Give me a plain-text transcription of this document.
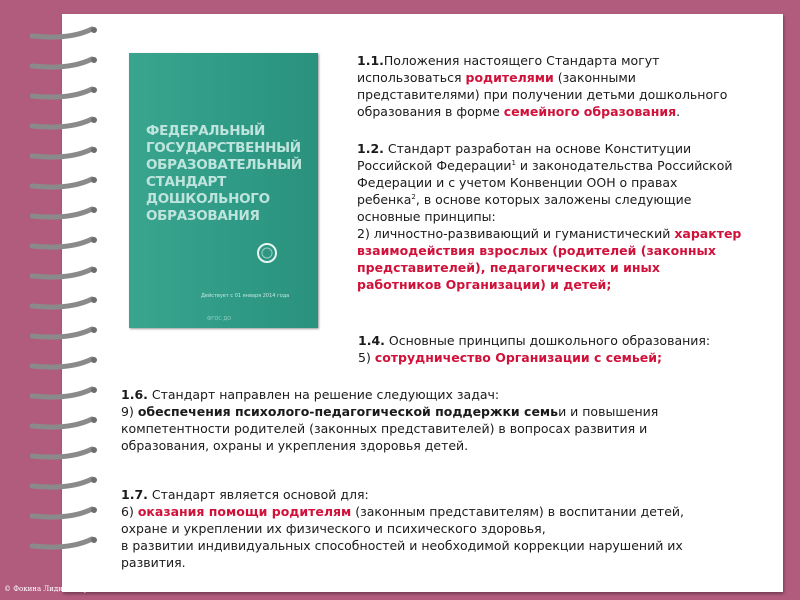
ФЕДЕРАЛЬНЫЙ
ГОСУДАРСТВЕННЫЙ
ОБРАЗОВАТЕЛЬНЫЙ
СТАНДАРТ
ДОШКОЛЬНОГО
ОБРАЗОВАНИЯ

Действует с 01 января 2014 года
ФГОС ДО

1.1.Положения настоящего Стандарта могут использоваться родителями (законными представителями) при получении детьми дошкольного образования в форме семейного образования.

1.2. Стандарт разработан на основе Конституции Российской Федерации$^1$ и законодательства Российской Федерации и с учетом Конвенции ООН о правах ребенка$^2$, в основе которых заложены следующие основные принципы:
2) личностно-развивающий и гуманистический характер взаимодействия взрослых (родителей (законных представителей), педагогических и иных работников Организации) и детей;

1.4. Основные принципы дошкольного образования:
5) сотрудничество Организации с семьей;

1.6. Стандарт направлен на решение следующих задач:
9) обеспечения психолого-педагогической поддержки семьи и повышения компетентности родителей (законных представителей) в вопросах развития и образования, охраны и укрепления здоровья детей.

1.7. Стандарт является основой для:
6) оказания помощи родителям (законным представителям) в воспитании детей, охране и укреплении их физического и психического здоровья,
в развитии индивидуальных способностей и необходимой коррекции нарушений их развития.

© Фокина Лидия Петровна
